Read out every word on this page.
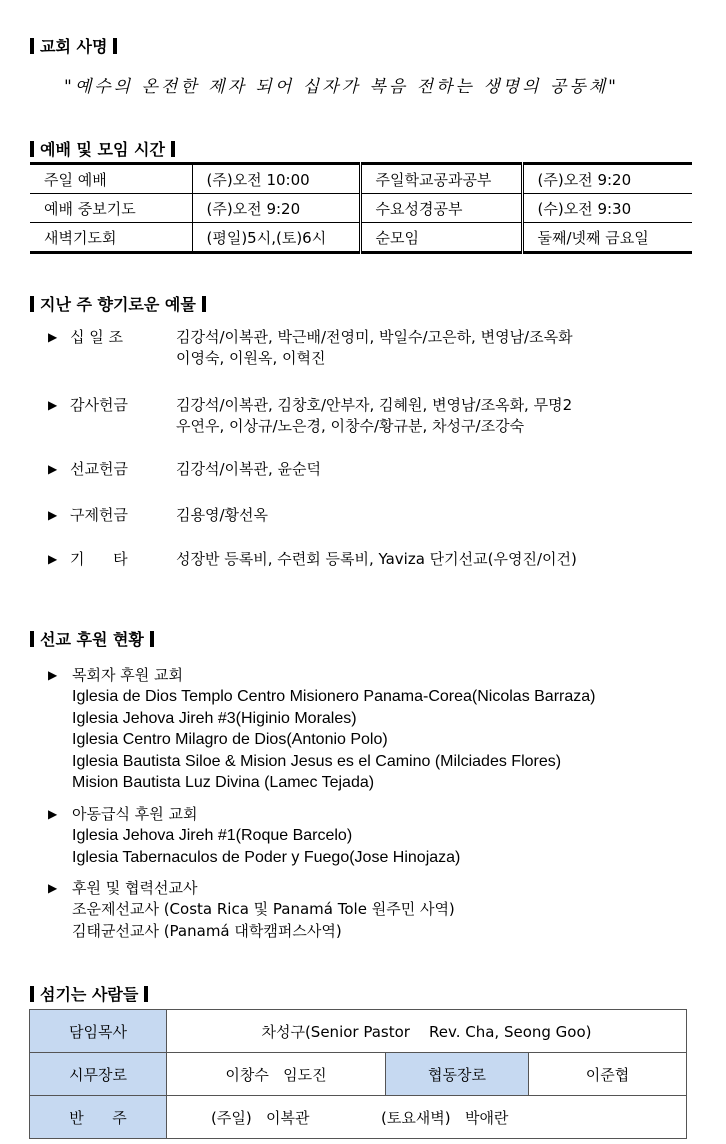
교회 사명
"예수의 온전한 제자 되어 십자가 복음 전하는 생명의 공동체"
예배 및 모임 시간
주일 예배	(주)오전 10:00	주일학교공과공부	(주)오전 9:20
예배 중보기도	(주)오전 9:20	수요성경공부	(수)오전 9:30
새벽기도회	(평일)5시,(토)6시	순모임	둘째/넷째 금요일
지난 주 향기로운 예물
▶ 십 일 조	김강석/이복관, 박근배/전영미, 박일수/고은하, 변영남/조옥화
이영숙, 이원옥, 이혁진
▶ 감사헌금	김강석/이복관, 김창호/안부자, 김혜원, 변영남/조옥화, 무명2
우연우, 이상규/노은경, 이창수/황규분, 차성구/조강숙
▶ 선교헌금	김강석/이복관, 윤순덕
▶ 구제헌금	김용영/황선옥
▶ 기      타	성장반 등록비, 수련회 등록비, Yaviza 단기선교(우영진/이건)
선교 후원 현황
▶ 목회자 후원 교회
Iglesia de Dios Templo Centro Misionero Panama-Corea(Nicolas Barraza)
Iglesia Jehova Jireh #3(Higinio Morales)
Iglesia Centro Milagro de Dios(Antonio Polo)
Iglesia Bautista Siloe & Mision Jesus es el Camino (Milciades Flores)
Mision Bautista Luz Divina (Lamec Tejada)
▶ 아동급식 후원 교회
Iglesia Jehova Jireh #1(Roque Barcelo)
Iglesia Tabernaculos de Poder y Fuego(Jose Hinojaza)
▶ 후원 및 협력선교사
조운제선교사 (Costa Rica 및 Panamá Tole 원주민 사역)
김태균선교사 (Panamá 대학캠퍼스사역)
섬기는 사람들
담임목사	차성구(Senior Pastor    Rev. Cha, Seong Goo)		
시무장로	이창수   임도진	협동장로	이준협
반      주	(주일)   이복관               (토요새벽)   박애란		
